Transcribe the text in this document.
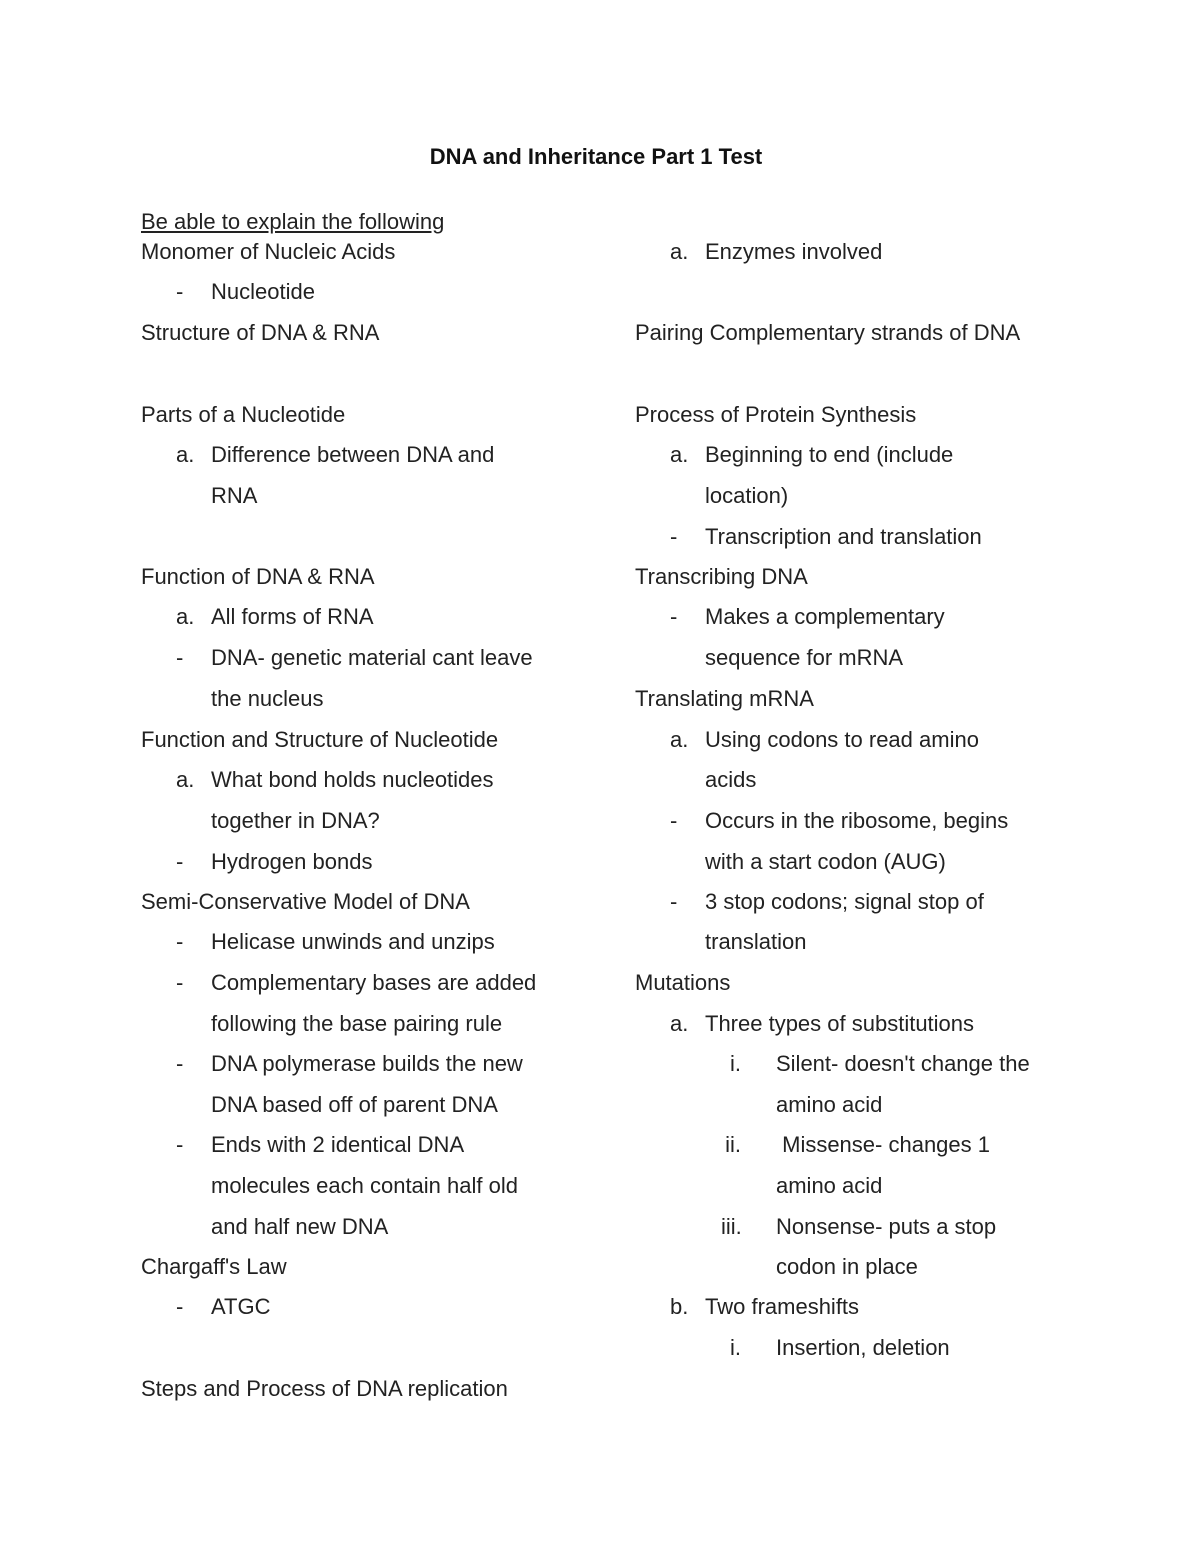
DNA and Inheritance Part 1 Test
Be able to explain the following
Monomer of Nucleic Acids
- Nucleotide
Structure of DNA & RNA
Parts of a Nucleotide
a. Difference between DNA and
RNA
Function of DNA & RNA
a. All forms of RNA
- DNA- genetic material cant leave
the nucleus
Function and Structure of Nucleotide
a. What bond holds nucleotides
together in DNA?
- Hydrogen bonds
Semi-Conservative Model of DNA
- Helicase unwinds and unzips
- Complementary bases are added
following the base pairing rule
- DNA polymerase builds the new
DNA based off of parent DNA
- Ends with 2 identical DNA
molecules each contain half old
and half new DNA
Chargaff's Law
- ATGC
Steps and Process of DNA replication
a. Enzymes involved
Pairing Complementary strands of DNA
Process of Protein Synthesis
a. Beginning to end (include
location)
- Transcription and translation
Transcribing DNA
- Makes a complementary
sequence for mRNA
Translating mRNA
a. Using codons to read amino
acids
- Occurs in the ribosome, begins
with a start codon (AUG)
- 3 stop codons; signal stop of
translation
Mutations
a. Three types of substitutions
i. Silent- doesn't change the
amino acid
ii. Missense- changes 1
amino acid
iii. Nonsense- puts a stop
codon in place
b. Two frameshifts
i. Insertion, deletion
